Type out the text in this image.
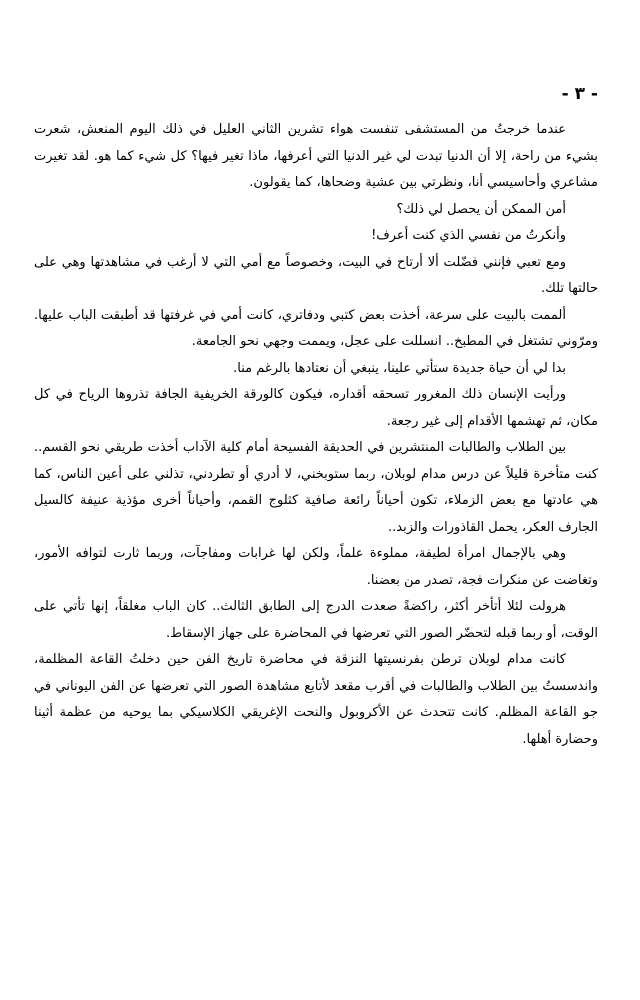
- ٣ -

عندما خرجتُ من المستشفى تنفست هواء تشرين الثاني العليل في ذلك اليوم المنعش، شعرت بشيء من راحة، إلا أن الدنيا تبدت لي غير الدنيا التي أعرفها، ماذا تغير فيها؟ كل شيء كما هو. لقد تغيرت مشاعري وأحاسيسي أنا، ونظرتي بين عشية وضحاها، كما يقولون.

أمن الممكن أن يحصل لي ذلك؟

وأنكرتُ من نفسي الذي كنت أعرف!

ومع تعبي فإنني فضّلت ألا أرتاح في البيت، وخصوصاً مع أمي التي لا أرغب في مشاهدتها وهي على حالتها تلك.

ألممت بالبيت على سرعة، أخذت بعض كتبي ودفاتري، كانت أمي في غرفتها قد أطبقت الباب عليها. ومرّوني تشتغل في المطبخ.. انسللت على عجل، ويممت وجهي نحو الجامعة.

بدا لي أن حياة جديدة ستأتي علينا، ينبغي أن نعتادها بالرغم منا.

ورأيت الإنسان ذلك المغرور تسحقه أقداره، فيكون كالورقة الخريفية الجافة تذروها الرياح في كل مكان، ثم تهشمها الأقدام إلى غير رجعة.

بين الطلاب والطالبات المنتشرين في الحديقة الفسيحة أمام كلية الآداب أخذت طريقي نحو القسم.. كنت متأخرة قليلاً عن درس مدام لوبلان، ربما ستوبخني، لا أدري أو تطردني، تذلني على أعين الناس، كما هي عادتها مع بعض الزملاء، تكون أحياناً رائعة صافية كثلوج القمم، وأحياناً أخرى مؤذية عنيفة كالسيل الجارف العكر، يحمل القاذورات والزبد..

وهي بالإجمال امرأة لطيفة، مملوءة علماً، ولكن لها غرابات ومفاجآت، وربما ثارت لتوافه الأمور، وتغاضت عن منكرات فجة، تصدر من بعضنا.

هرولت لئلا أتأخر أكثر، راكضةً صعدت الدرج إلى الطابق الثالث.. كان الباب مغلقاً، إنها تأتي على الوقت، أو ربما قبله لتحضّر الصور التي تعرضها في المحاضرة على جهاز الإسقاط.

كانت مدام لوبلان ترطن بفرنسيتها النزقة في محاضرة تاريخ الفن حين دخلتُ القاعة المظلمة، واندسستُ بين الطلاب والطالبات في أقرب مقعد لأتابع مشاهدة الصور التي تعرضها عن الفن اليوناني في جو القاعة المظلم. كانت تتحدث عن الأكروبول والنحت الإغريقي الكلاسيكي بما يوحيه من عظمة أثينا وحضارة أهلها.
